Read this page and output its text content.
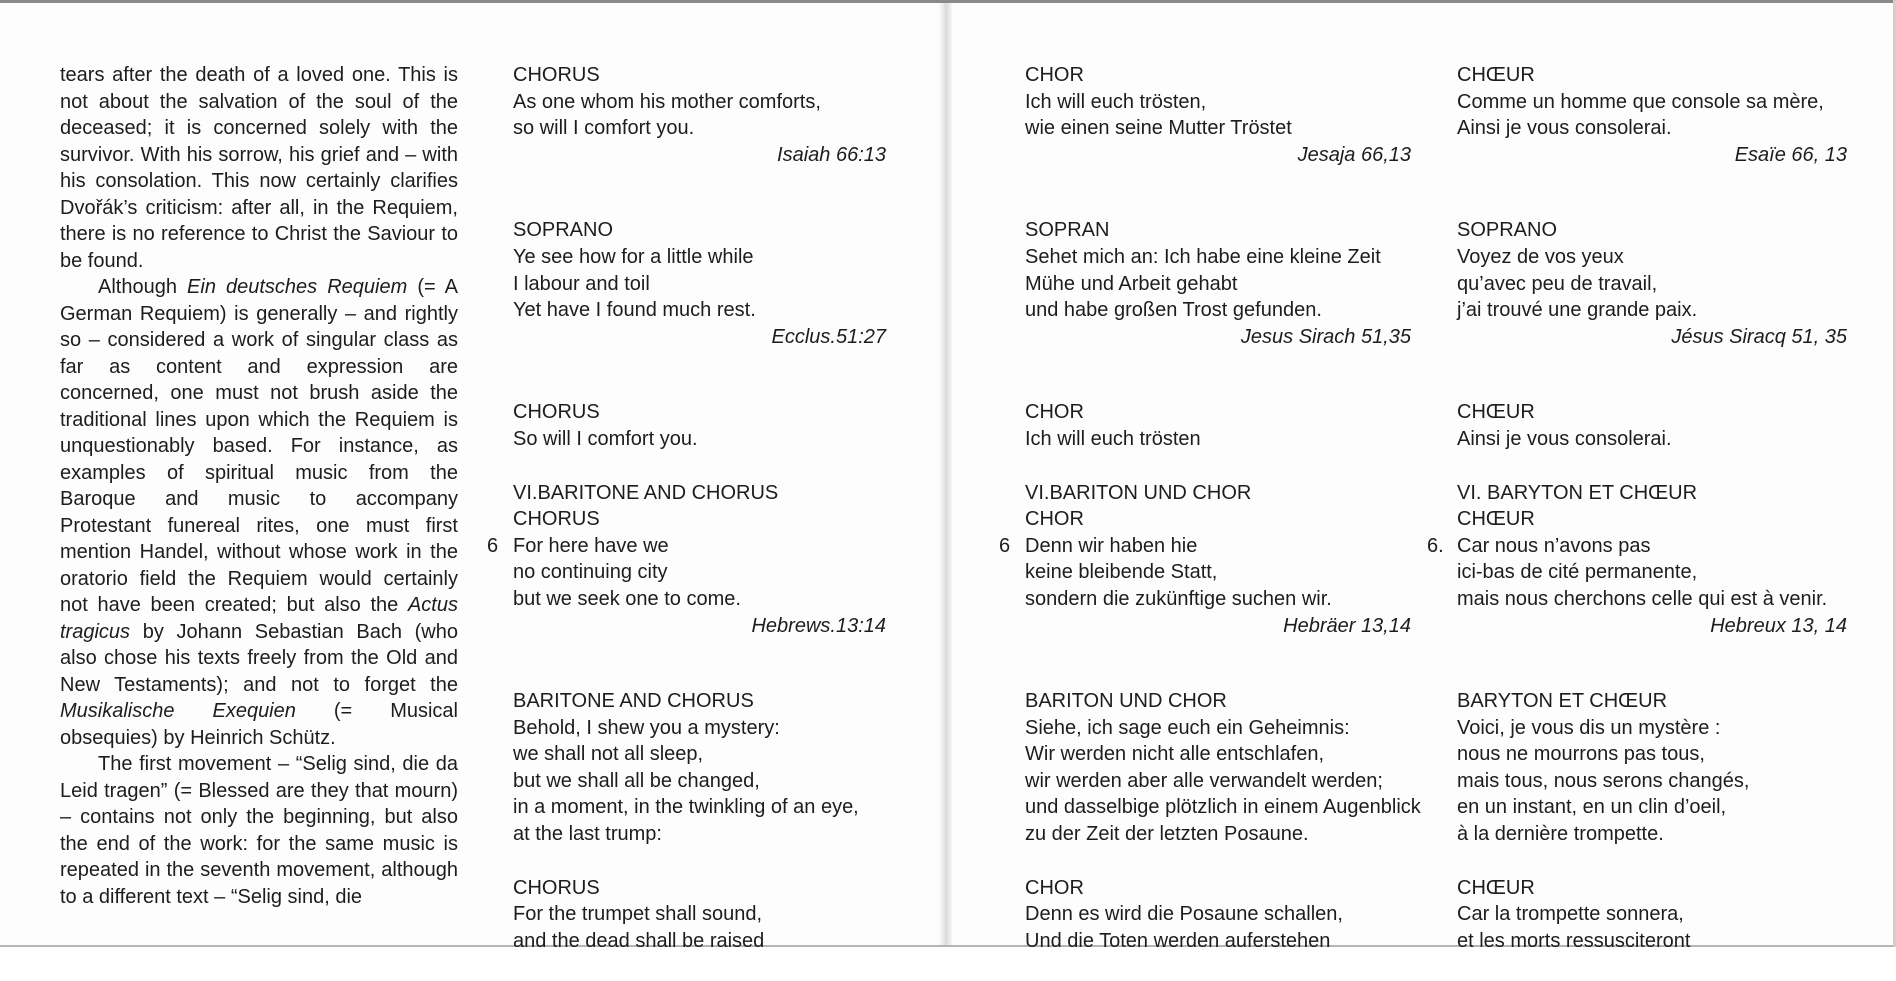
tears after the death of a loved one. This is not about the salvation of the soul of the deceased; it is concerned solely with the survivor. With his sorrow, his grief and – with his consolation. This now certainly clarifies Dvořák’s criticism: after all, in the Requiem, there is no reference to Christ the Saviour to be found.

Although Ein deutsches Requiem (= A German Requiem) is generally – and rightly so – considered a work of singular class as far as content and expression are concerned, one must not brush aside the traditional lines upon which the Requiem is unquestionably based. For instance, as examples of spiritual music from the Baroque and music to accompany Protestant funereal rites, one must first mention Handel, without whose work in the oratorio field the Requiem would certainly not have been created; but also the Actus tragicus by Johann Sebastian Bach (who also chose his texts freely from the Old and New Testaments); and not to forget the Musikalische Exequien (= Musical obsequies) by Heinrich Schütz.

The first movement – “Selig sind, die da Leid tragen” (= Blessed are they that mourn) – contains not only the beginning, but also the end of the work: for the same music is repeated in the seventh movement, although to a different text – “Selig sind, die

CHORUS
As one whom his mother comforts,
so will I comfort you.
Isaiah 66:13
SOPRANO
Ye see how for a little while
I labour and toil
Yet have I found much rest.
Ecclus.51:27
CHORUS
So will I comfort you.
VI.BARITONE AND CHORUS
CHORUS
6 For here have we
no continuing city
but we seek one to come.
Hebrews.13:14
BARITONE AND CHORUS
Behold, I shew you a mystery:
we shall not all sleep,
but we shall all be changed,
in a moment, in the twinkling of an eye,
at the last trump:
CHORUS
For the trumpet shall sound,
and the dead shall be raised
CHOR
Ich will euch trösten,
wie einen seine Mutter Tröstet
Jesaja 66,13
SOPRAN
Sehet mich an: Ich habe eine kleine Zeit
Mühe und Arbeit gehabt
und habe großen Trost gefunden.
Jesus Sirach 51,35
CHOR
Ich will euch trösten
VI.BARITON UND CHOR
CHOR
6 Denn wir haben hie
keine bleibende Statt,
sondern die zukünftige suchen wir.
Hebräer 13,14
BARITON UND CHOR
Siehe, ich sage euch ein Geheimnis:
Wir werden nicht alle entschlafen,
wir werden aber alle verwandelt werden;
und dasselbige plötzlich in einem Augenblick
zu der Zeit der letzten Posaune.
CHOR
Denn es wird die Posaune schallen,
Und die Toten werden auferstehen
CHŒUR
Comme un homme que console sa mère,
Ainsi je vous consolerai.
Esaïe 66, 13
SOPRANO
Voyez de vos yeux
qu’avec peu de travail,
j’ai trouvé une grande paix.
Jésus Siracq 51, 35
CHŒUR
Ainsi je vous consolerai.
VI. BARYTON ET CHŒUR
CHŒUR
6. Car nous n’avons pas
ici-bas de cité permanente,
mais nous cherchons celle qui est à venir.
Hebreux 13, 14
BARYTON ET CHŒUR
Voici, je vous dis un mystère :
nous ne mourrons pas tous,
mais tous, nous serons changés,
en un instant, en un clin d’oeil,
à la dernière trompette.
CHŒUR
Car la trompette sonnera,
et les morts ressusciteront
